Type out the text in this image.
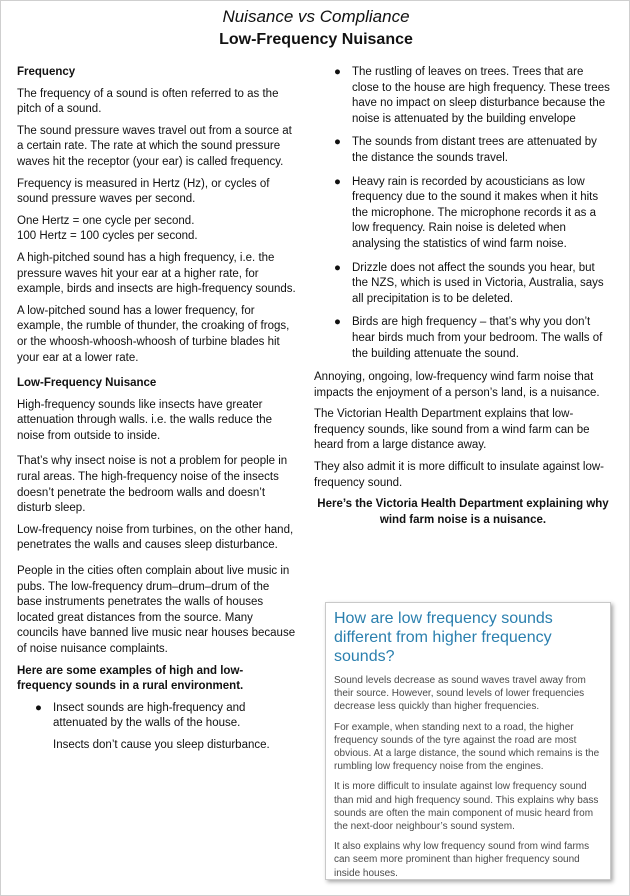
Nuisance vs Compliance
Low-Frequency Nuisance
Frequency

The frequency of a sound is often referred to as the pitch of a sound.

The sound pressure waves travel out from a source at a certain rate. The rate at which the sound pressure waves hit the receptor (your ear) is called frequency.

Frequency is measured in Hertz (Hz), or cycles of sound pressure waves per second.

One Hertz = one cycle per second.
100 Hertz = 100 cycles per second.

A high-pitched sound has a high frequency, i.e. the pressure waves hit your ear at a higher rate, for example, birds and insects are high-frequency sounds.

A low-pitched sound has a lower frequency, for example, the rumble of thunder, the croaking of frogs, or the whoosh-whoosh-whoosh of turbine blades hit your ear at a lower rate.

Low-Frequency Nuisance

High-frequency sounds like insects have greater attenuation through walls. i.e. the walls reduce the noise from outside to inside.

That’s why insect noise is not a problem for people in rural areas. The high-frequency noise of the insects doesn’t penetrate the bedroom walls and doesn’t disturb sleep.

Low-frequency noise from turbines, on the other hand, penetrates the walls and causes sleep disturbance.

People in the cities often complain about live music in pubs. The low-frequency drum–drum–drum of the base instruments penetrates the walls of houses located great distances from the source. Many councils have banned live music near houses because of noise nuisance complaints.

Here are some examples of high and low-frequency sounds in a rural environment.
● Insect sounds are high-frequency and attenuated by the walls of the house.
Insects don’t cause you sleep disturbance.
● The rustling of leaves on trees. Trees that are close to the house are high frequency. These trees have no impact on sleep disturbance because the noise is attenuated by the building envelope
● The sounds from distant trees are attenuated by the distance the sounds travel.
● Heavy rain is recorded by acousticians as low frequency due to the sound it makes when it hits the microphone. The microphone records it as a low frequency. Rain noise is deleted when analysing the statistics of wind farm noise.
● Drizzle does not affect the sounds you hear, but the NZS, which is used in Victoria, Australia, says all precipitation is to be deleted.
● Birds are high frequency – that’s why you don’t hear birds much from your bedroom. The walls of the building attenuate the sound.

Annoying, ongoing, low-frequency wind farm noise that impacts the enjoyment of a person’s land, is a nuisance.

The Victorian Health Department explains that low-frequency sounds, like sound from a wind farm can be heard from a large distance away.

They also admit it is more difficult to insulate against low-frequency sound.

Here’s the Victoria Health Department explaining why wind farm noise is a nuisance.
How are low frequency sounds different from higher frequency sounds?

Sound levels decrease as sound waves travel away from their source. However, sound levels of lower frequencies decrease less quickly than higher frequencies.

For example, when standing next to a road, the higher frequency sounds of the tyre against the road are most obvious. At a large distance, the sound which remains is the rumbling low frequency noise from the engines.

It is more difficult to insulate against low frequency sound than mid and high frequency sound. This explains why bass sounds are often the main component of music heard from the next-door neighbour’s sound system.

It also explains why low frequency sound from wind farms can seem more prominent than higher frequency sound inside houses.
